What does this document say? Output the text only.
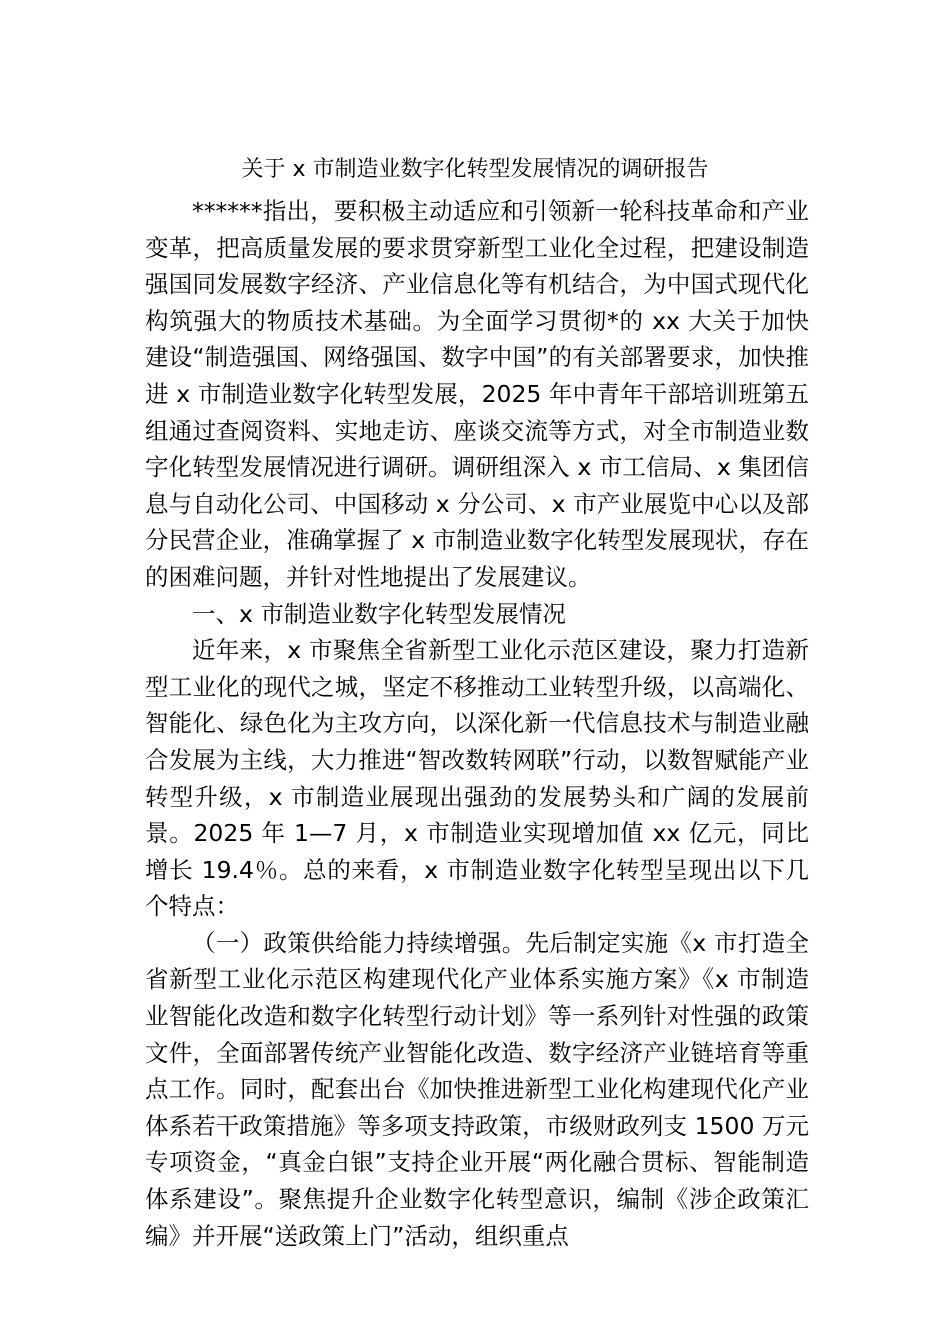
关于 x 市制造业数字化转型发展情况的调研报告

******指出，要积极主动适应和引领新一轮科技革命和产业变革，把高质量发展的要求贯穿新型工业化全过程，把建设制造强国同发展数字经济、产业信息化等有机结合，为中国式现代化构筑强大的物质技术基础。为全面学习贯彻*的 xx 大关于加快建设“制造强国、网络强国、数字中国”的有关部署要求，加快推进 x 市制造业数字化转型发展，2025 年中青年干部培训班第五组通过查阅资料、实地走访、座谈交流等方式，对全市制造业数字化转型发展情况进行调研。调研组深入 x 市工信局、x 集团信息与自动化公司、中国移动 x 分公司、x 市产业展览中心以及部分民营企业，准确掌握了 x 市制造业数字化转型发展现状，存在的困难问题，并针对性地提出了发展建议。

一、x 市制造业数字化转型发展情况

近年来，x 市聚焦全省新型工业化示范区建设，聚力打造新型工业化的现代之城，坚定不移推动工业转型升级，以高端化、智能化、绿色化为主攻方向，以深化新一代信息技术与制造业融合发展为主线，大力推进“智改数转网联”行动，以数智赋能产业转型升级，x 市制造业展现出强劲的发展势头和广阔的发展前景。2025 年 1—7 月，x 市制造业实现增加值 xx 亿元，同比增长 19.4％。总的来看，x 市制造业数字化转型呈现出以下几个特点：

（一）政策供给能力持续增强。先后制定实施《x 市打造全省新型工业化示范区构建现代化产业体系实施方案》《x 市制造业智能化改造和数字化转型行动计划》等一系列针对性强的政策文件，全面部署传统产业智能化改造、数字经济产业链培育等重点工作。同时，配套出台《加快推进新型工业化构建现代化产业体系若干政策措施》等多项支持政策，市级财政列支 1500 万元专项资金，“真金白银”支持企业开展“两化融合贯标、智能制造体系建设”。聚焦提升企业数字化转型意识，编制《涉企政策汇编》并开展“送政策上门”活动，组织重点
